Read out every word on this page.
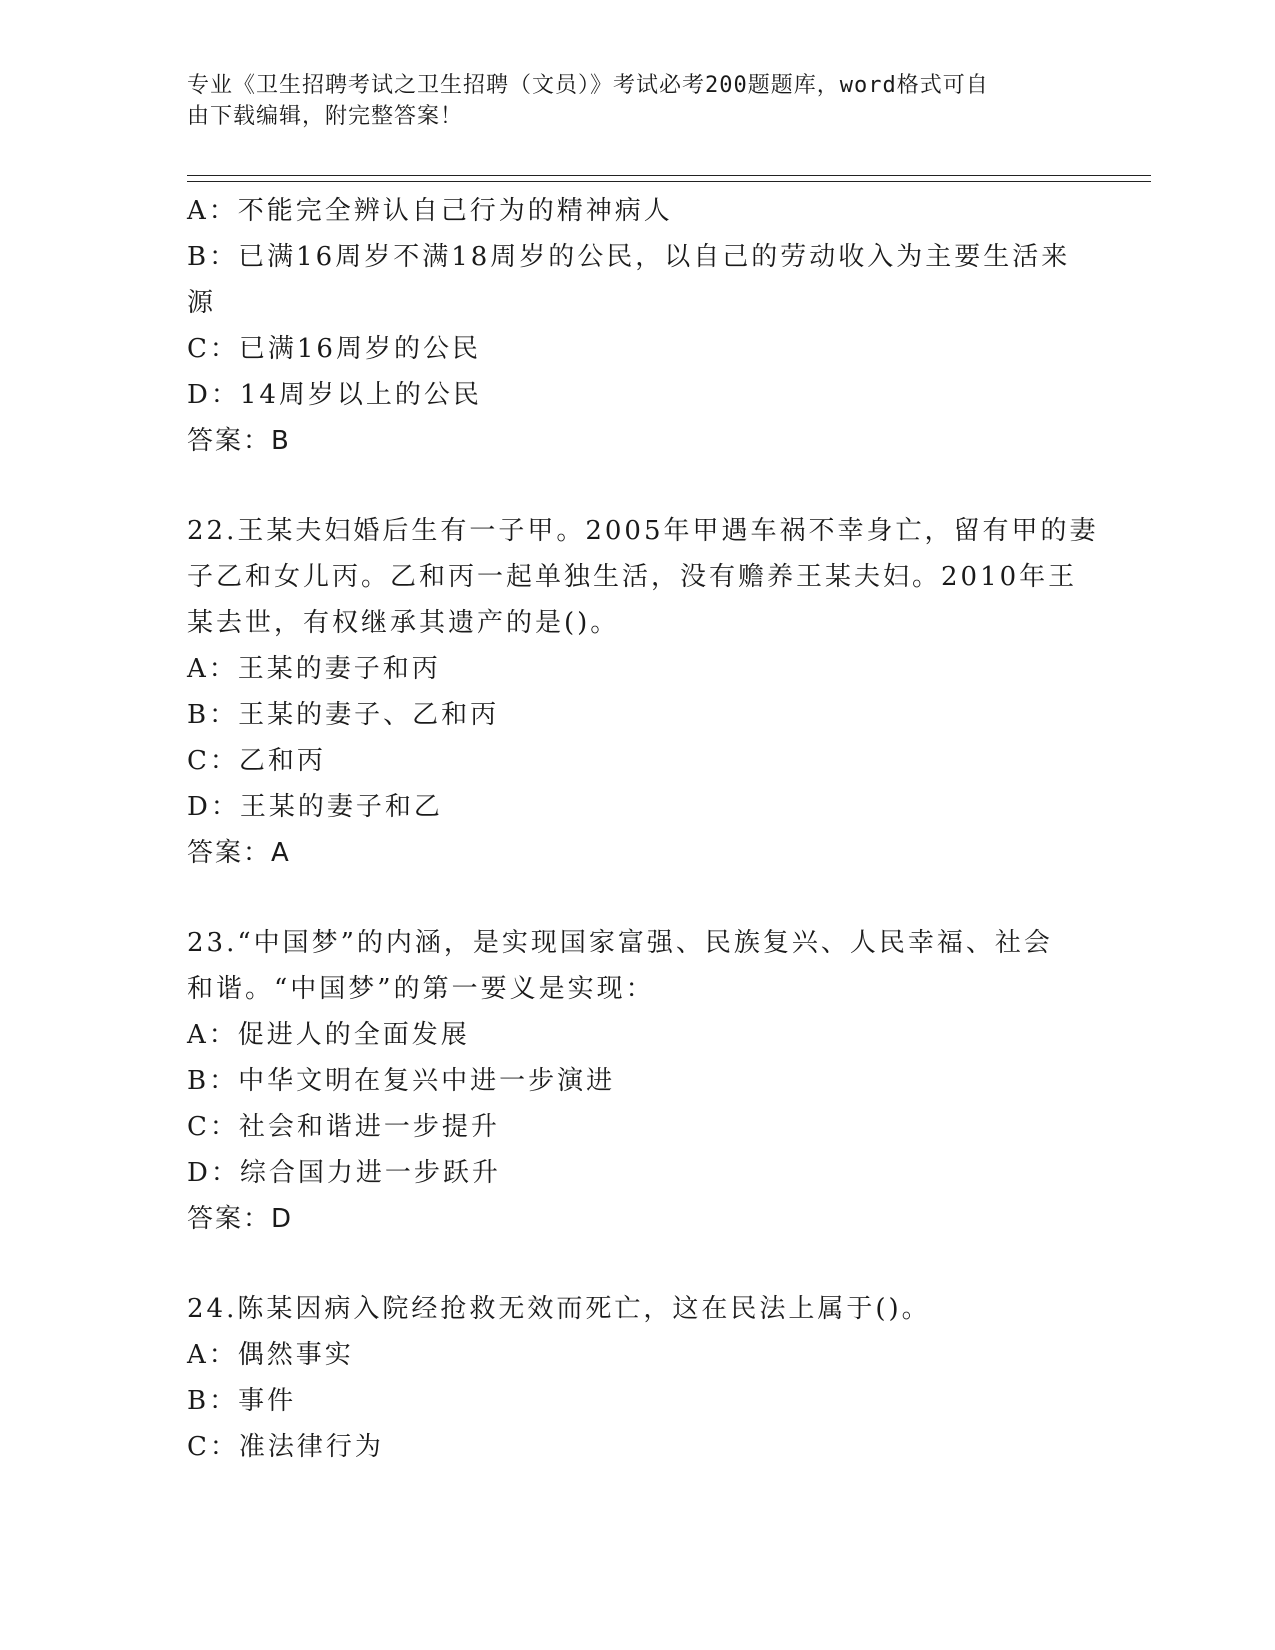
专业《卫生招聘考试之卫生招聘（文员）》考试必考200题题库，word格式可自
由下载编辑，附完整答案！
A：不能完全辨认自己行为的精神病人
B：已满16周岁不满18周岁的公民，以自己的劳动收入为主要生活来
源
C：已满16周岁的公民
D：14周岁以上的公民
答案：B
22.王某夫妇婚后生有一子甲。2005年甲遇车祸不幸身亡，留有甲的妻
子乙和女儿丙。乙和丙一起单独生活，没有赡养王某夫妇。2010年王
某去世，有权继承其遗产的是()。
A：王某的妻子和丙
B：王某的妻子、乙和丙
C：乙和丙
D：王某的妻子和乙
答案：A
23.“中国梦”的内涵，是实现国家富强、民族复兴、人民幸福、社会
和谐。“中国梦”的第一要义是实现：
A：促进人的全面发展
B：中华文明在复兴中进一步演进
C：社会和谐进一步提升
D：综合国力进一步跃升
答案：D
24.陈某因病入院经抢救无效而死亡，这在民法上属于()。
A：偶然事实
B：事件
C：准法律行为
